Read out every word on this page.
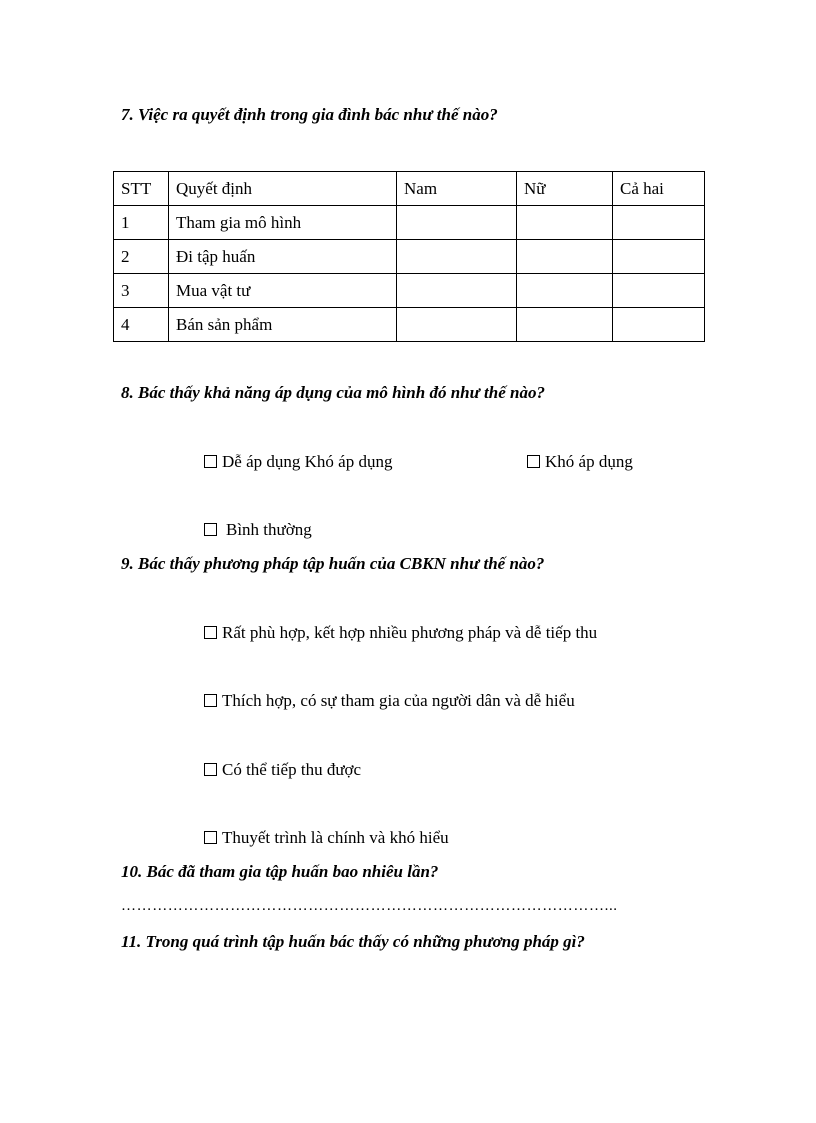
7. Việc ra quyết định trong gia đình bác như thế nào?

STT	Quyết định	Nam	Nữ	Cả hai
1	Tham gia mô hình			
2	Đi tập huấn			
3	Mua vật tư			
4	Bán sản phẩm			

8. Bác thấy khả năng áp dụng của mô hình đó như thế nào?

Dễ áp dụng Khó áp dụng	Khó áp dụng
Bình thường

9. Bác thấy phương pháp tập huấn của CBKN như thế nào?

Rất phù hợp, kết hợp nhiều phương pháp và dễ tiếp thu
Thích hợp, có sự tham gia của người dân và dễ hiểu
Có thể tiếp thu được
Thuyết trình là chính và khó hiểu

10. Bác đã tham gia tập huấn bao nhiêu lần?

…………………………………………………………………………………...

11. Trong quá trình tập huấn bác thấy có những phương pháp gì?
